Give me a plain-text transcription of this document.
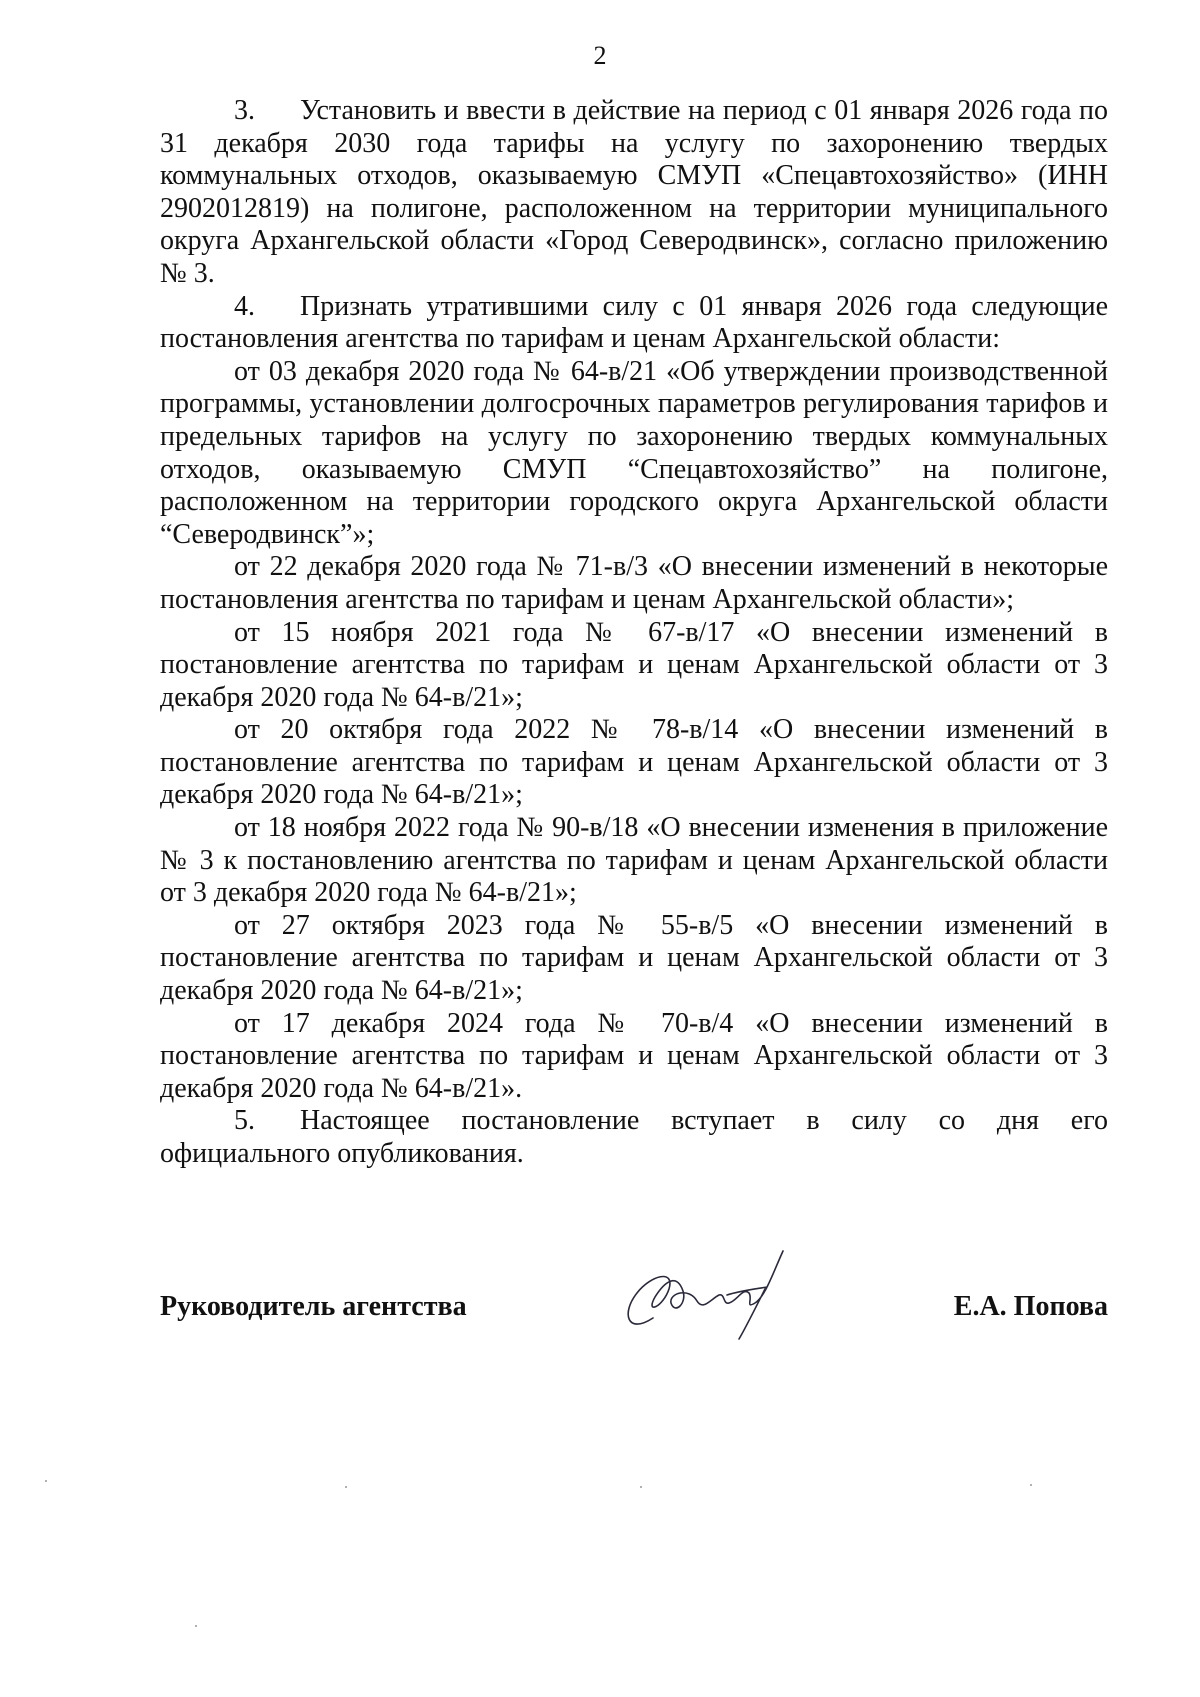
2

3. Установить и ввести в действие на период с 01 января 2026 года по 31 декабря 2030 года тарифы на услугу по захоронению твердых коммунальных отходов, оказываемую СМУП «Спецавтохозяйство» (ИНН 2902012819) на полигоне, расположенном на территории муниципального округа Архангельской области «Город Северодвинск», согласно приложению № 3.

4. Признать утратившими силу с 01 января 2026 года следующие постановления агентства по тарифам и ценам Архангельской области:

от 03 декабря 2020 года № 64-в/21 «Об утверждении производственной программы, установлении долгосрочных параметров регулирования тарифов и предельных тарифов на услугу по захоронению твердых коммунальных отходов, оказываемую СМУП “Спецавтохозяйство” на полигоне, расположенном на территории городского округа Архангельской области “Северодвинск”»;

от 22 декабря 2020 года № 71-в/3 «О внесении изменений в некоторые постановления агентства по тарифам и ценам Архангельской области»;

от 15 ноября 2021 года № 67-в/17 «О внесении изменений в постановление агентства по тарифам и ценам Архангельской области от 3 декабря 2020 года № 64-в/21»;

от 20 октября года 2022 № 78-в/14 «О внесении изменений в постановление агентства по тарифам и ценам Архангельской области от 3 декабря 2020 года № 64-в/21»;

от 18 ноября 2022 года № 90-в/18 «О внесении изменения в приложение № 3 к постановлению агентства по тарифам и ценам Архангельской области от 3 декабря 2020 года № 64-в/21»;

от 27 октября 2023 года № 55-в/5 «О внесении изменений в постановление агентства по тарифам и ценам Архангельской области от 3 декабря 2020 года № 64-в/21»;

от 17 декабря 2024 года № 70-в/4 «О внесении изменений в постановление агентства по тарифам и ценам Архангельской области от 3 декабря 2020 года № 64-в/21».

5. Настоящее постановление вступает в силу со дня его официального опубликования.

Руководитель агентства	Е.А. Попова
